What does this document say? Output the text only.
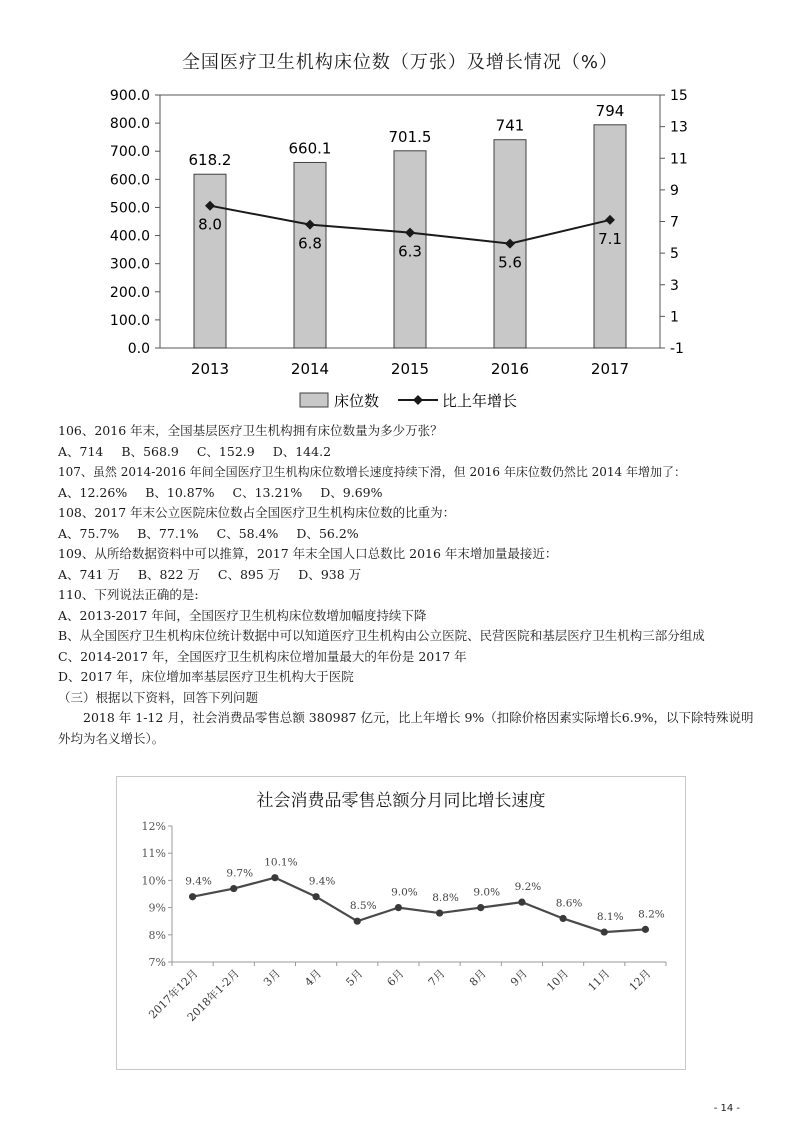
全国医疗卫生机构床位数（万张）及增长情况（%）
0.0
100.0
200.0
300.0
400.0
500.0
600.0
700.0
800.0
900.0
-1
1
3
5
7
9
11
13
15
618.2
660.1
701.5
741
794
8.0
6.8	6.3
5.6
7.1
2013	2014	2015	2016	2017
床位数	比上年增长

106、2016 年末，全国基层医疗卫生机构拥有床位数量为多少万张？

A、714 B、568.9 C、152.9 D、144.2

107、虽然 2014-2016 年间全国医疗卫生机构床位数增长速度持续下滑，但 2016 年床位数仍然比 2014 年增加了：

A、12.26% B、10.87% C、13.21% D、9.69%

108、2017 年末公立医院床位数占全国医疗卫生机构床位数的比重为：

A、75.7% B、77.1% C、58.4% D、56.2%

109、从所给数据资料中可以推算，2017 年末全国人口总数比 2016 年末增加量最接近：

A、741 万 B、822 万 C、895 万 D、938 万

110、下列说法正确的是:

A、2013-2017 年间，全国医疗卫生机构床位数增加幅度持续下降

B、从全国医疗卫生机构床位统计数据中可以知道医疗卫生机构由公立医院、民营医院和基层医疗卫生机构三部分组成

C、2014-2017 年，全国医疗卫生机构床位增加量最大的年份是 2017 年

D、2017 年，床位增加率基层医疗卫生机构大于医院

（三）根据以下资料，回答下列问题

2018 年 1-12 月，社会消费品零售总额 380987 亿元，比上年增长 9%（扣除价格因素实际增长6.9%，以下除特殊说明外均为名义增长）。

社会消费品零售总额分月同比增长速度
7%
8%
9%
10%
11%
12%
9.4%
9.7%
10.1%
9.4%
8.5%
9.0% 8.8% 9.0% 9.2%
8.6%
8.1% 8.2%
2017年12月
2018年1-2月 3月 4月 5月 6月 7月 8月 9月 10月 11月 12月
- 14 -
